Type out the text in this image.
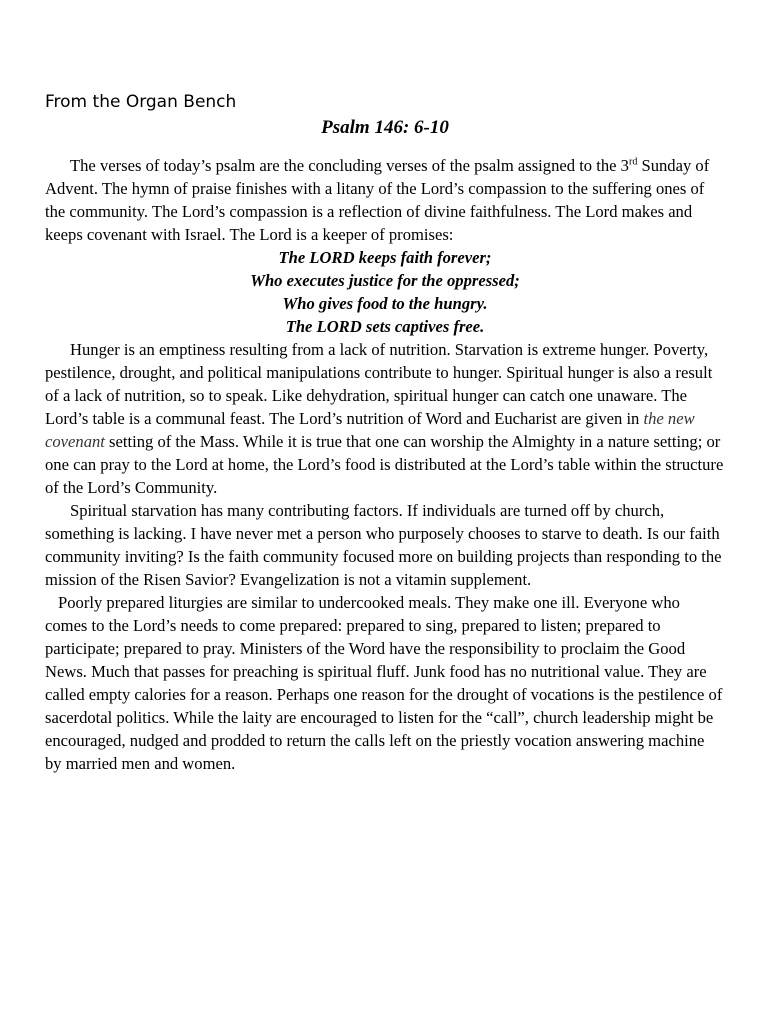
From the Organ Bench
Psalm 146: 6-10

The verses of today’s psalm are the concluding verses of the psalm assigned to the 3rd Sunday of Advent. The hymn of praise finishes with a litany of the Lord’s compassion to the suffering ones of the community. The Lord’s compassion is a reflection of divine faithfulness. The Lord makes and keeps covenant with Israel. The Lord is a keeper of promises:

The LORD keeps faith forever;
Who executes justice for the oppressed;
Who gives food to the hungry.
The LORD sets captives free.

Hunger is an emptiness resulting from a lack of nutrition. Starvation is extreme hunger. Poverty, pestilence, drought, and political manipulations contribute to hunger. Spiritual hunger is also a result of a lack of nutrition, so to speak. Like dehydration, spiritual hunger can catch one unaware. The Lord’s table is a communal feast. The Lord’s nutrition of Word and Eucharist are given in the new covenant setting of the Mass. While it is true that one can worship the Almighty in a nature setting; or one can pray to the Lord at home, the Lord’s food is distributed at the Lord’s table within the structure of the Lord’s Community.

Spiritual starvation has many contributing factors. If individuals are turned off by church, something is lacking. I have never met a person who purposely chooses to starve to death. Is our faith community inviting? Is the faith community focused more on building projects than responding to the mission of the Risen Savior? Evangelization is not a vitamin supplement.

Poorly prepared liturgies are similar to undercooked meals. They make one ill. Everyone who comes to the Lord’s needs to come prepared: prepared to sing, prepared to listen; prepared to participate; prepared to pray. Ministers of the Word have the responsibility to proclaim the Good News. Much that passes for preaching is spiritual fluff. Junk food has no nutritional value. They are called empty calories for a reason. Perhaps one reason for the drought of vocations is the pestilence of sacerdotal politics. While the laity are encouraged to listen for the “call”, church leadership might be encouraged, nudged and prodded to return the calls left on the priestly vocation answering machine by married men and women.
